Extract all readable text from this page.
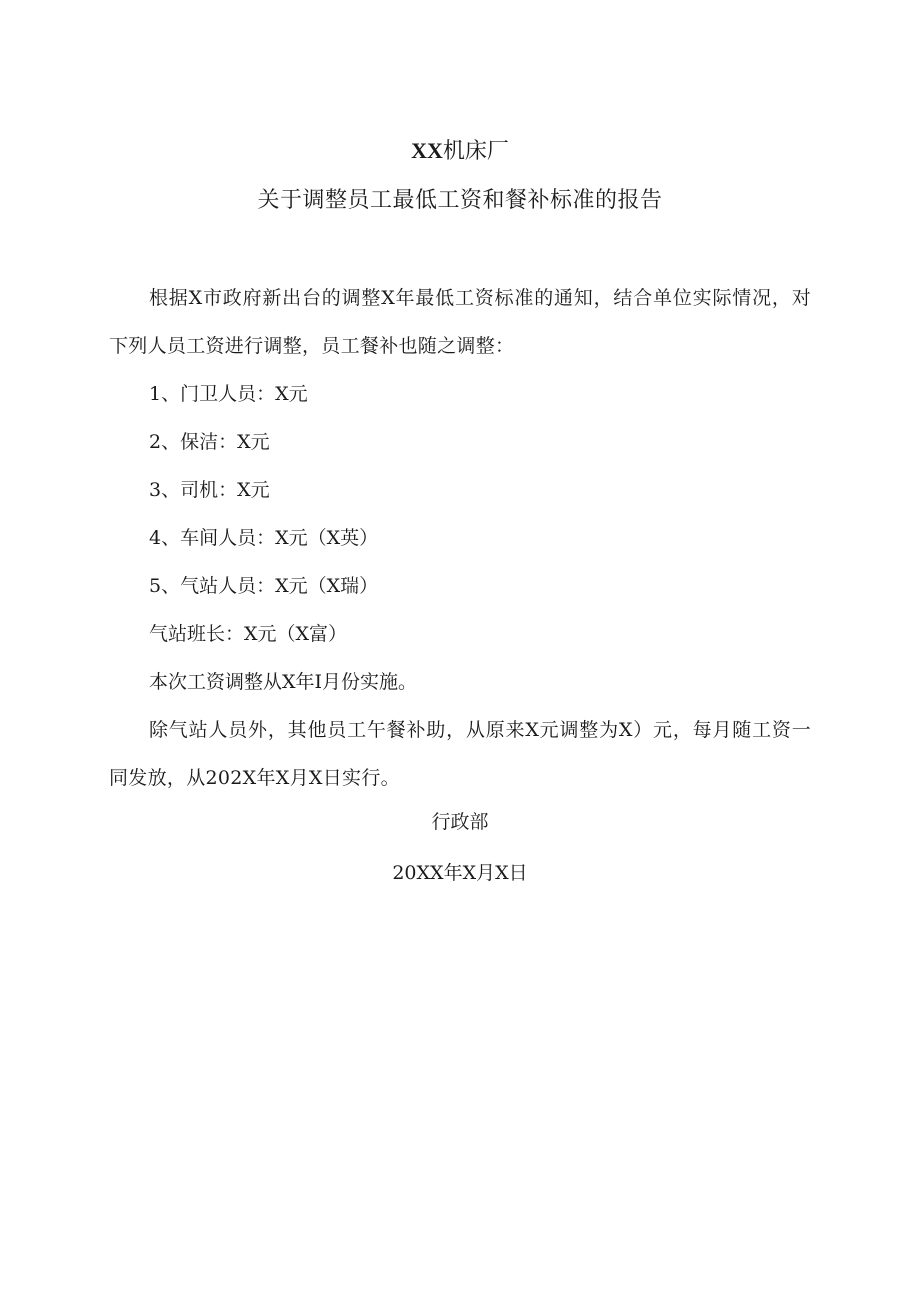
XX机床厂
关于调整员工最低工资和餐补标准的报告

根据X市政府新出台的调整X年最低工资标准的通知，结合单位实际情况，对下列人员工资进行调整，员工餐补也随之调整：

1、门卫人员：X元

2、保洁：X元

3、司机：X元

4、车间人员：X元（X英）

5、气站人员：X元（X瑞）

气站班长：X元（X富）

本次工资调整从X年I月份实施。

除气站人员外，其他员工午餐补助，从原来X元调整为X）元，每月随工资一同发放，从202X年X月X日实行。

行政部
20XX年X月X日
